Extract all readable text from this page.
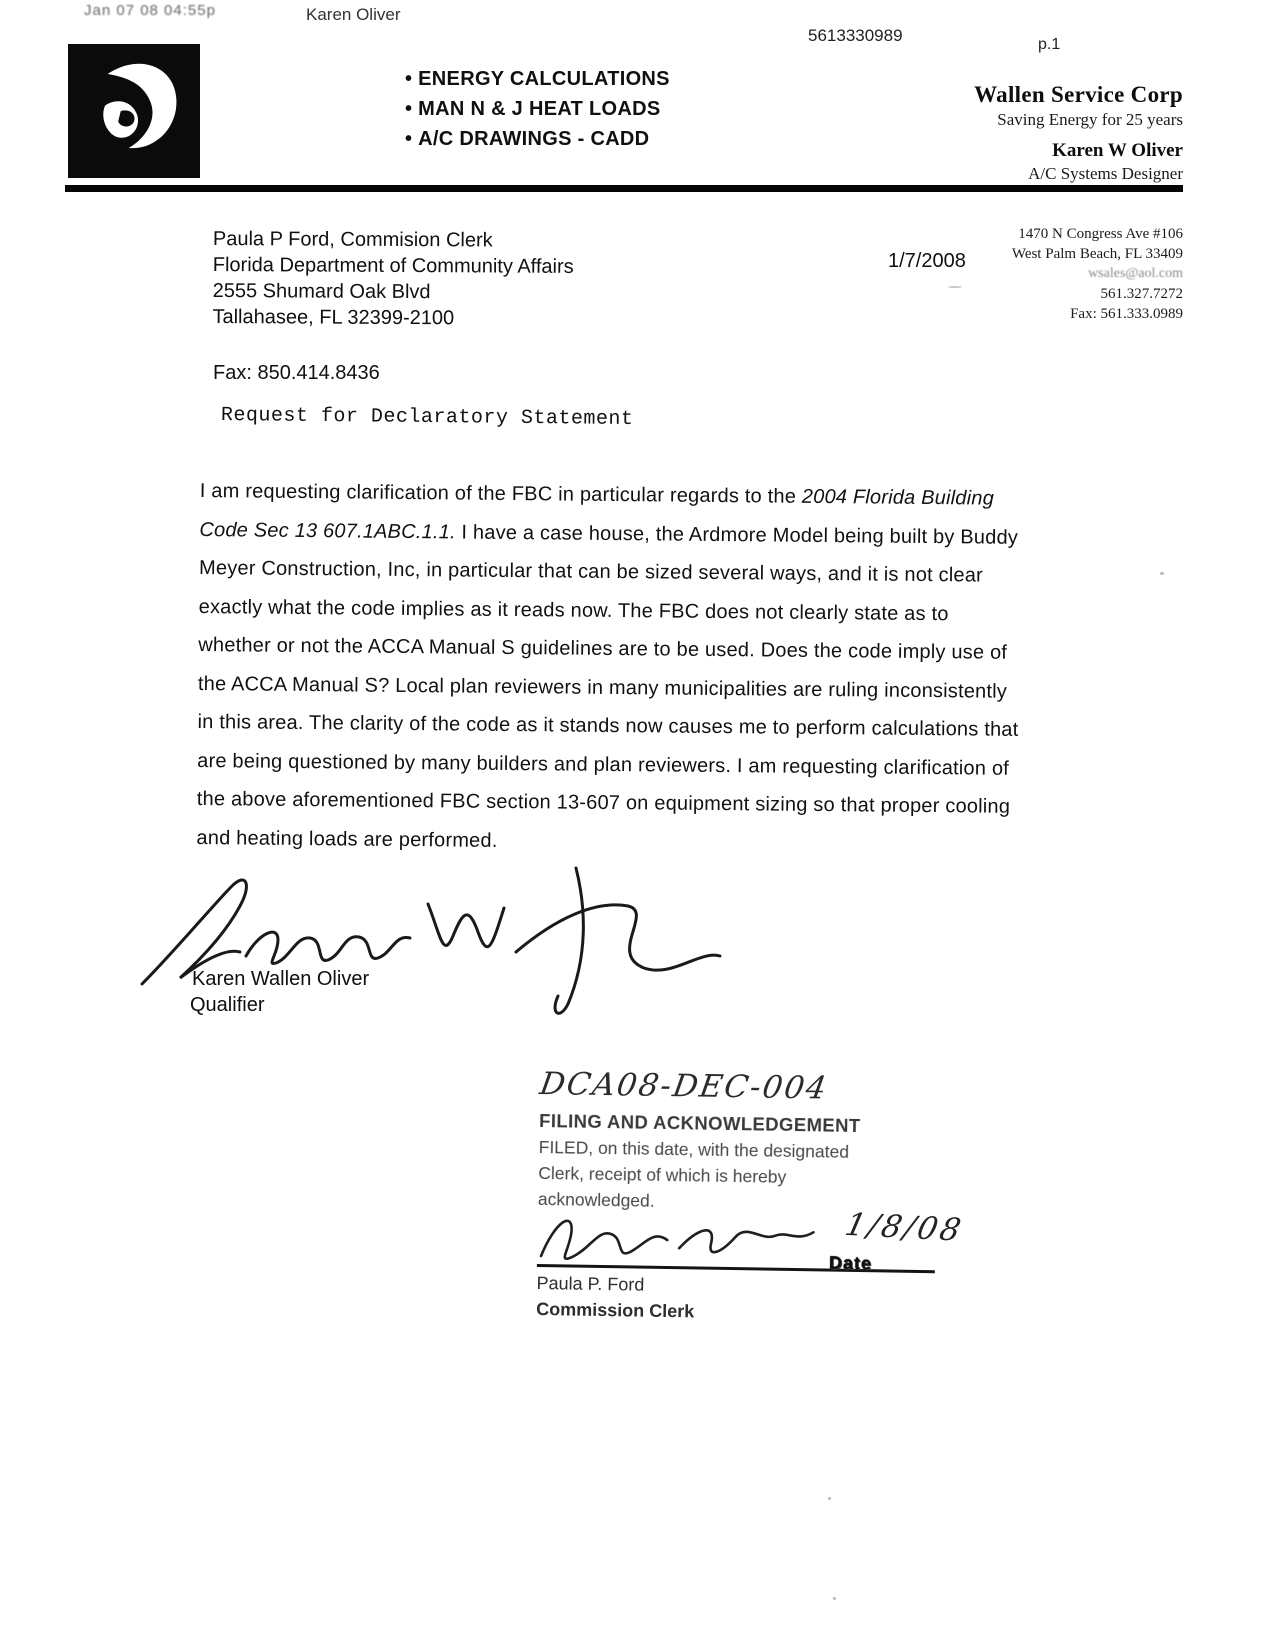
Jan 07 08 04:55p	Karen Oliver
5613330989	p.1
• ENERGY CALCULATIONS
• MAN N & J HEAT LOADS
• A/C DRAWINGS - CADD
Wallen Service Corp
Saving Energy for 25 years
Karen W Oliver
A/C Systems Designer
Paula P Ford, Commision Clerk
Florida Department of Community Affairs
2555 Shumard Oak Blvd
Tallahasee, FL 32399-2100
1/7/2008
1470 N Congress Ave #106
West Palm Beach, FL 33409
wsales@aol.com
561.327.7272
Fax: 561.333.0989
Fax: 850.414.8436
Request for Declaratory Statement

I am requesting clarification of the FBC in particular regards to the 2004 Florida Building Code Sec 13 607.1ABC.1.1. I have a case house, the Ardmore Model being built by Buddy Meyer Construction, Inc, in particular that can be sized several ways, and it is not clear exactly what the code implies as it reads now. The FBC does not clearly state as to whether or not the ACCA Manual S guidelines are to be used. Does the code imply use of the ACCA Manual S? Local plan reviewers in many municipalities are ruling inconsistently in this area. The clarity of the code as it stands now causes me to perform calculations that are being questioned by many builders and plan reviewers. I am requesting clarification of the above aforementioned FBC section 13-607 on equipment sizing so that proper cooling and heating loads are performed.

Karen Wallen Oliver
Qualifier
DCA08-DEC-004
FILING AND ACKNOWLEDGEMENT
FILED, on this date, with the designated
Clerk, receipt of which is hereby
acknowledged.
1/8/08
Paula P. Ford
Commission Clerk
Date
